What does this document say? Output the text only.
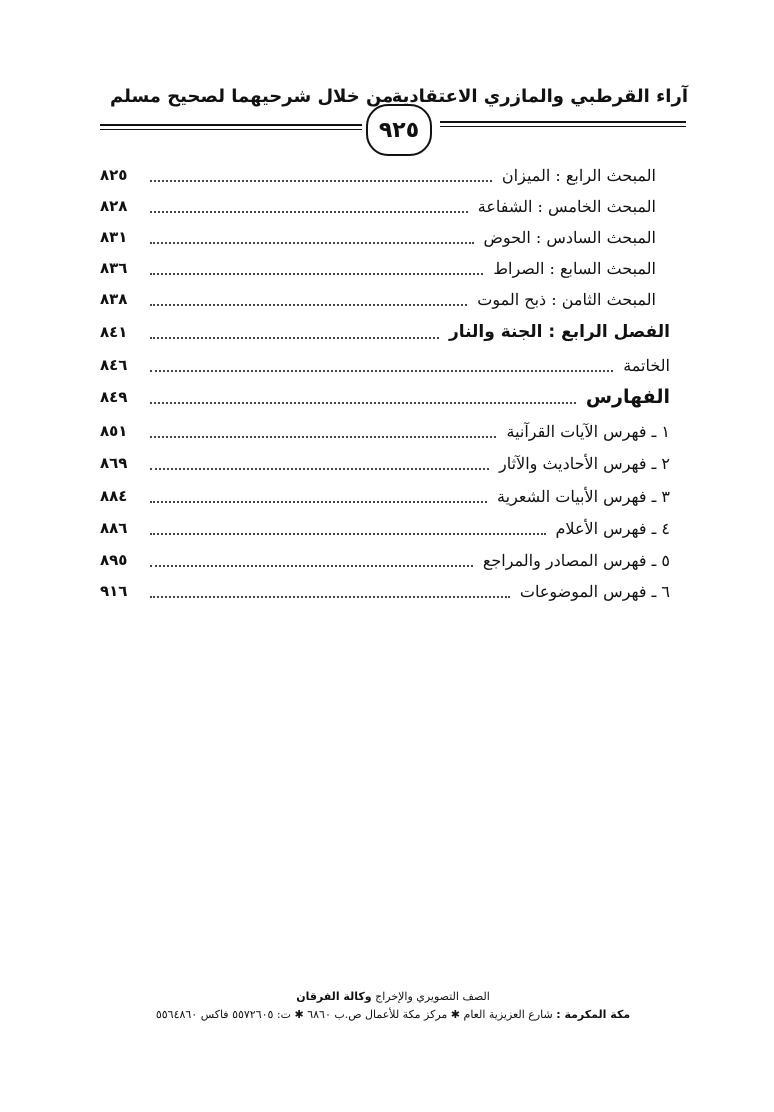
آراء القرطبي والمازري الاعتقادية
من خلال شرحيهما لصحيح مسلم
٩٢٥
المبحث الرابع : الميزان
٨٢٥
المبحث الخامس : الشفاعة
٨٢٨
المبحث السادس : الحوض
٨٣١
المبحث السابع : الصراط
٨٣٦
المبحث الثامن : ذبح الموت
٨٣٨
الفصل الرابع : الجنة والنار
٨٤١
الخاتمة
٨٤٦
الفهارس
٨٤٩
١ ـ فهرس الآيات القرآنية
٨٥١
٢ ـ فهرس الأحاديث والآثار
٨٦٩
٣ ـ فهرس الأبيات الشعرية
٨٨٤
٤ ـ فهرس الأعلام
٨٨٦
٥ ـ فهرس المصادر والمراجع
٨٩٥
٦ ـ فهرس الموضوعات
٩١٦
الصف التصويري والإخراج وكالة الفرقان
مكة المكرمة : شارع العزيزية العام ✱ مركز مكة للأعمال ص.ب ٦٨٦٠ ✱ ت: ٥٥٧٢٦٠٥ فاكس ٥٥٦٤٨٦٠
